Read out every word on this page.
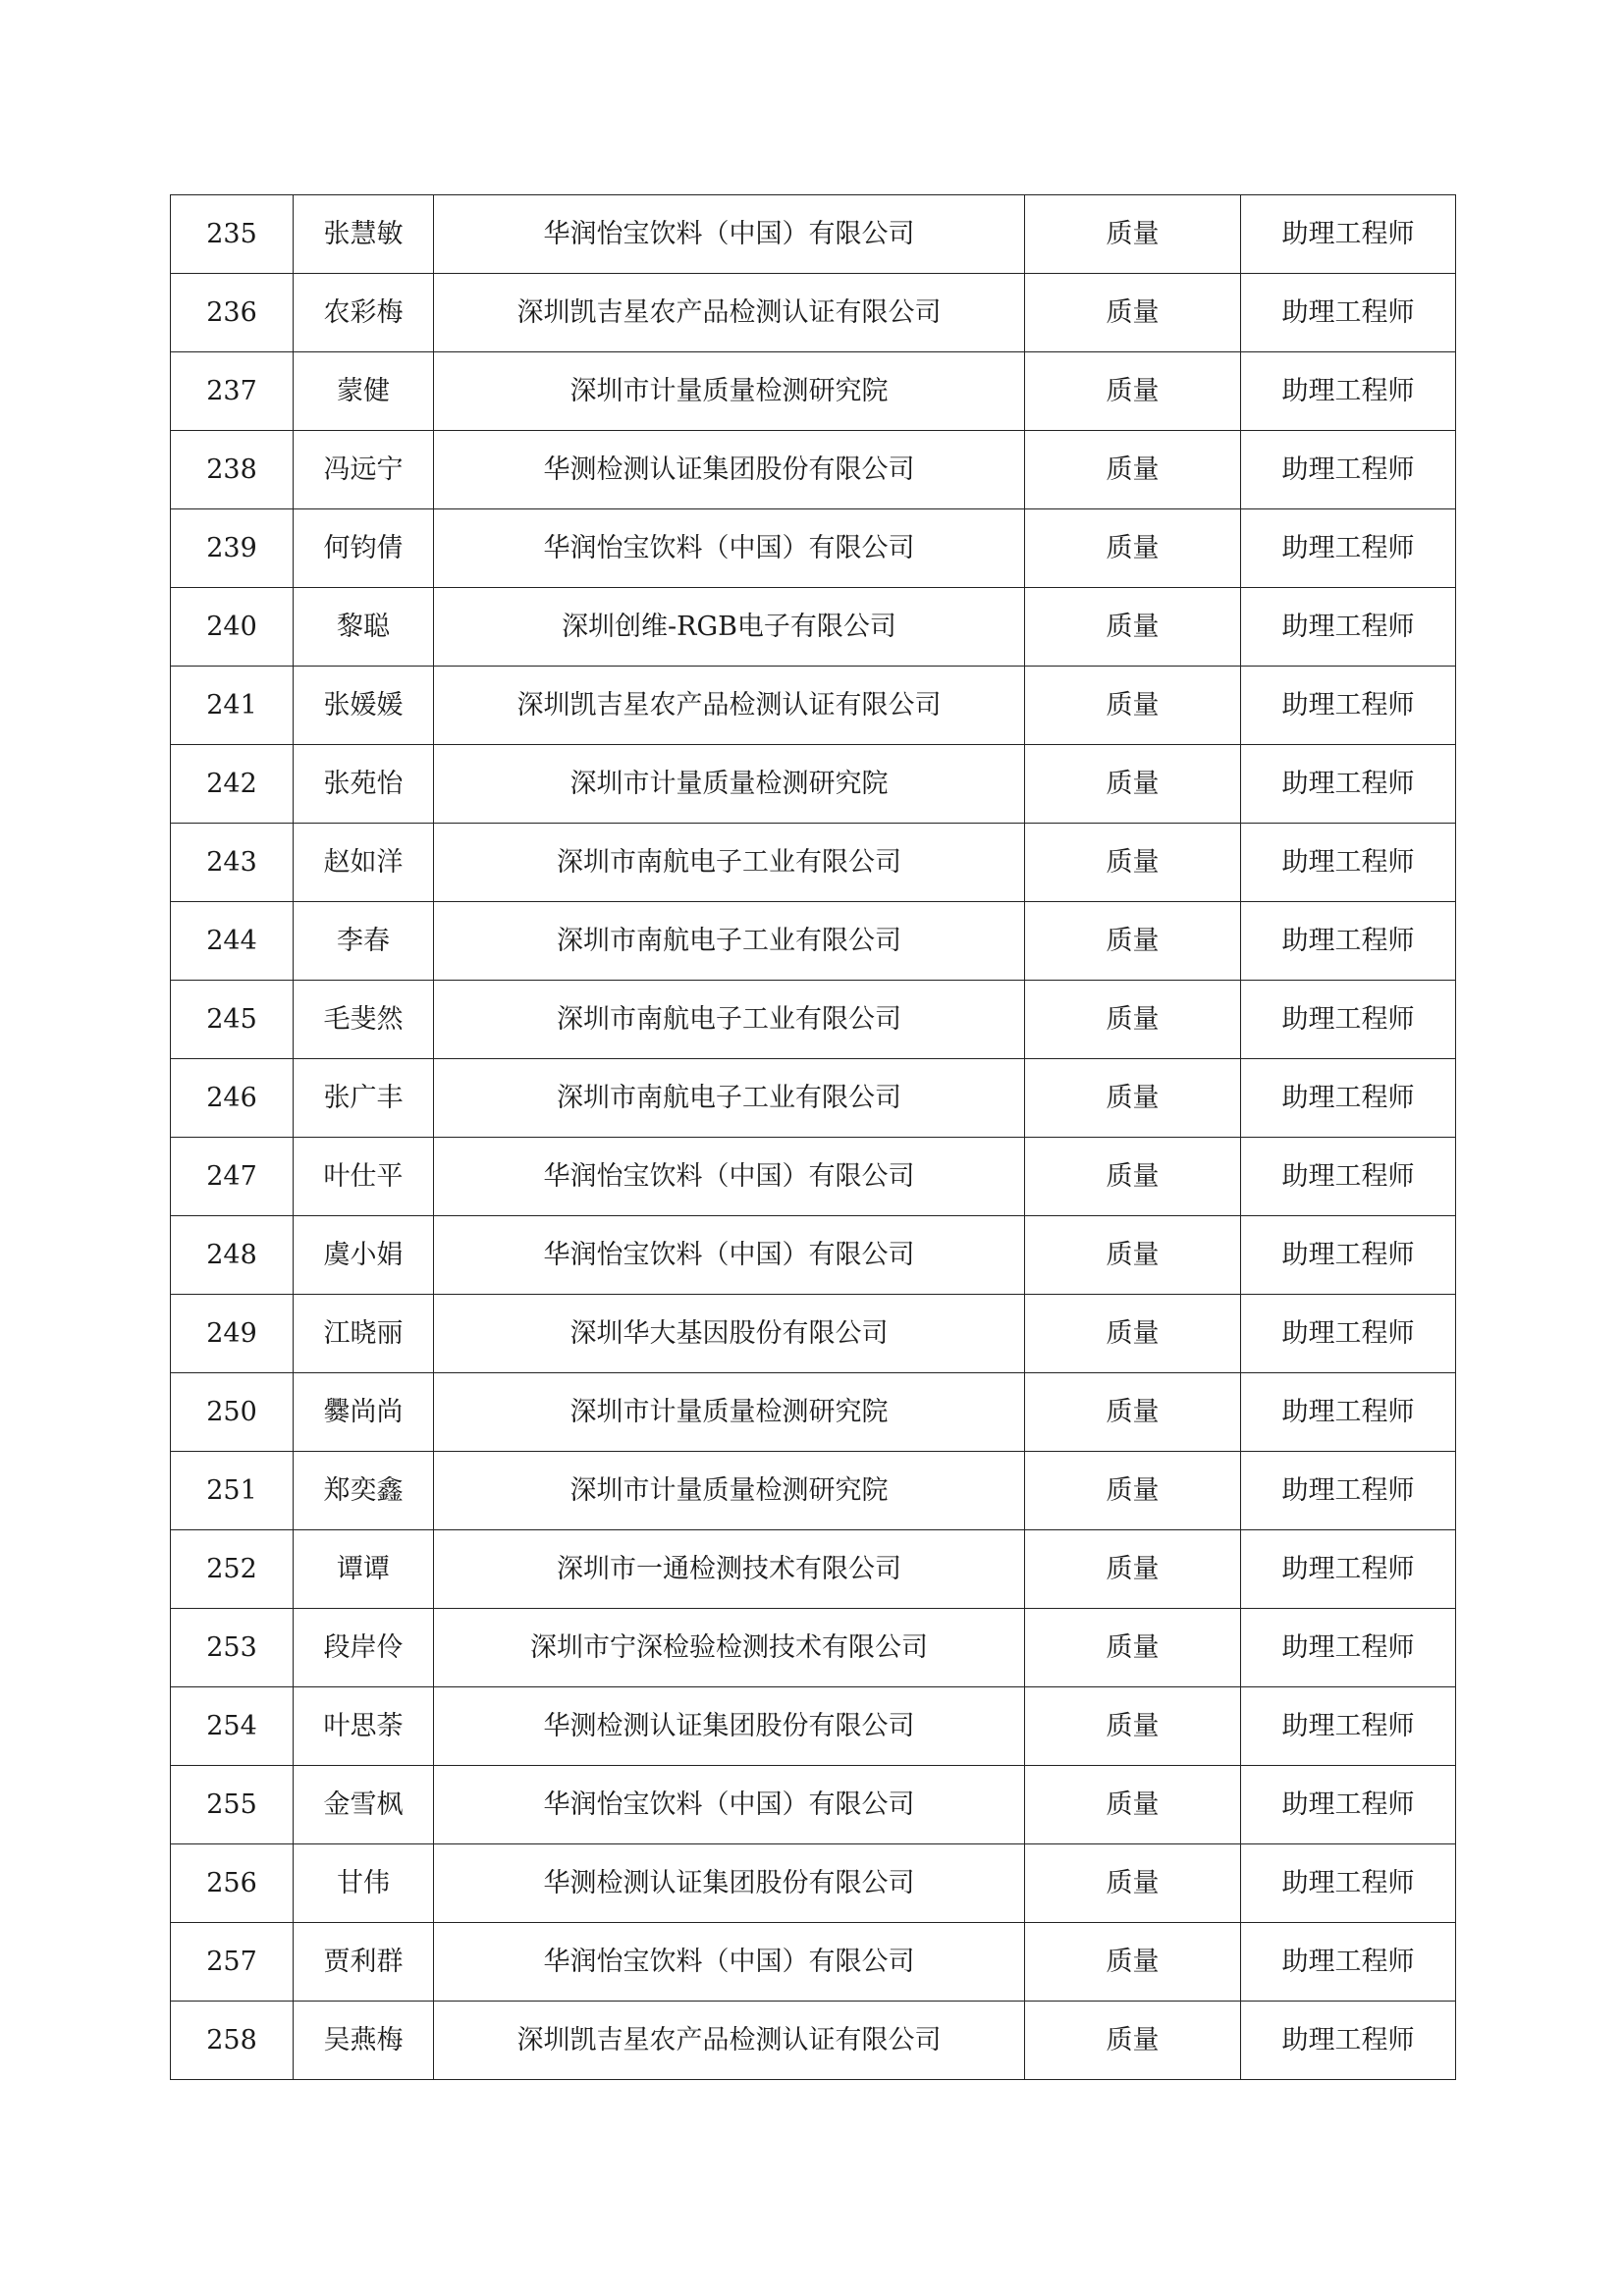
235	张慧敏	华润怡宝饮料（中国）有限公司	质量	助理工程师
236	农彩梅	深圳凯吉星农产品检测认证有限公司	质量	助理工程师
237	蒙健	深圳市计量质量检测研究院	质量	助理工程师
238	冯远宁	华测检测认证集团股份有限公司	质量	助理工程师
239	何钧倩	华润怡宝饮料（中国）有限公司	质量	助理工程师
240	黎聪	深圳创维-RGB电子有限公司	质量	助理工程师
241	张媛媛	深圳凯吉星农产品检测认证有限公司	质量	助理工程师
242	张苑怡	深圳市计量质量检测研究院	质量	助理工程师
243	赵如洋	深圳市南航电子工业有限公司	质量	助理工程师
244	李春	深圳市南航电子工业有限公司	质量	助理工程师
245	毛斐然	深圳市南航电子工业有限公司	质量	助理工程师
246	张广丰	深圳市南航电子工业有限公司	质量	助理工程师
247	叶仕平	华润怡宝饮料（中国）有限公司	质量	助理工程师
248	虞小娟	华润怡宝饮料（中国）有限公司	质量	助理工程师
249	江晓丽	深圳华大基因股份有限公司	质量	助理工程师
250	爨尚尚	深圳市计量质量检测研究院	质量	助理工程师
251	郑奕鑫	深圳市计量质量检测研究院	质量	助理工程师
252	谭谭	深圳市一通检测技术有限公司	质量	助理工程师
253	段岸伶	深圳市宁深检验检测技术有限公司	质量	助理工程师
254	叶思荼	华测检测认证集团股份有限公司	质量	助理工程师
255	金雪枫	华润怡宝饮料（中国）有限公司	质量	助理工程师
256	甘伟	华测检测认证集团股份有限公司	质量	助理工程师
257	贾利群	华润怡宝饮料（中国）有限公司	质量	助理工程师
258	吴燕梅	深圳凯吉星农产品检测认证有限公司	质量	助理工程师
